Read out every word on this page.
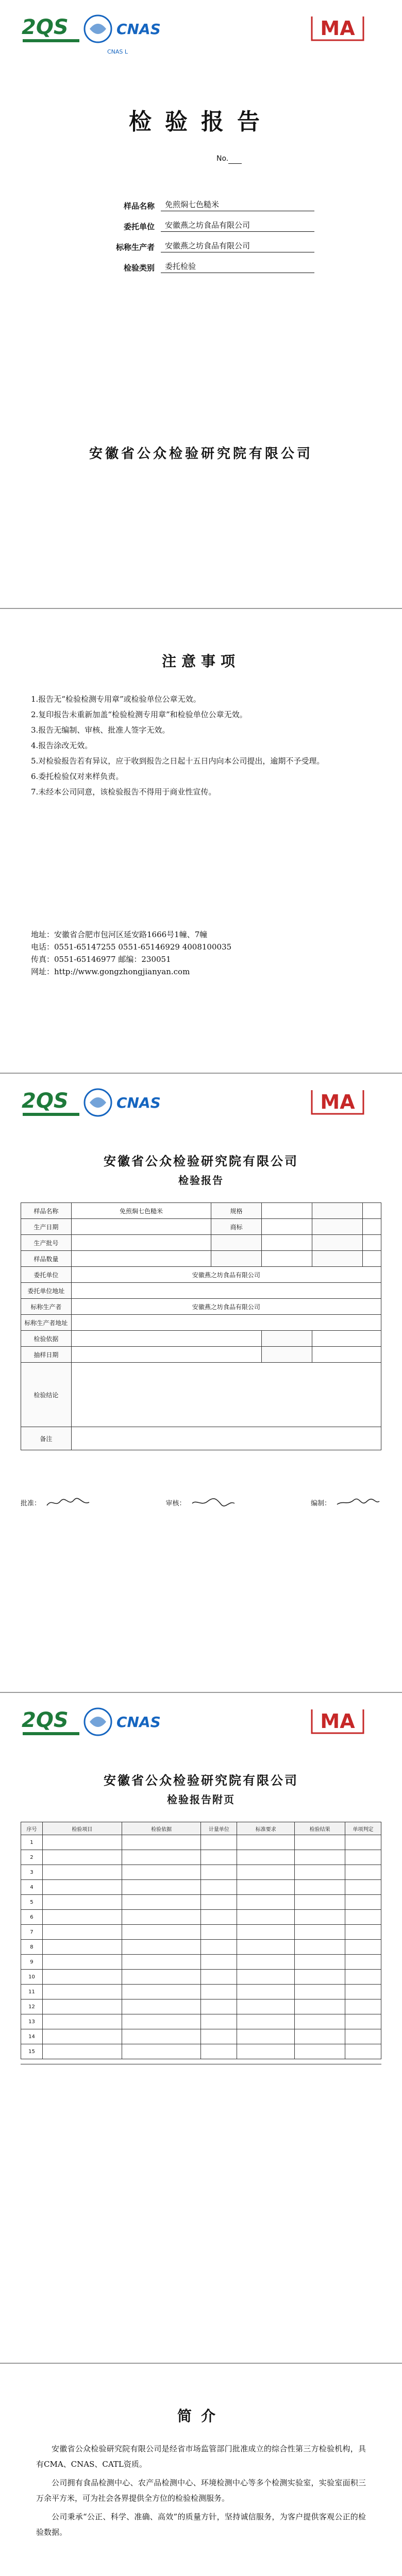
2QS	CNAS
CNAS L
MA
检验报告
No.
样品名称	免煎焖七色糙米
委托单位	安徽燕之坊食品有限公司
标称生产者	安徽燕之坊食品有限公司
检验类别	委托检验
安徽省公众检验研究院有限公司
注意事项
1.报告无“检验检测专用章”或检验单位公章无效。
2.复印报告未重新加盖“检验检测专用章”和检验单位公章无效。
3.报告无编制、审核、批准人签字无效。
4.报告涂改无效。
5.对检验报告若有异议，应于收到报告之日起十五日内向本公司提出，逾期不予受理。
6.委托检验仅对来样负责。
7.未经本公司同意，该检验报告不得用于商业性宣传。
地址：安徽省合肥市包河区延安路1666号1幢、7幢
电话：0551-65147255 0551-65146929 4008100035
传真：0551-65146977 邮编：230051
网址：http://www.gongzhongjianyan.com
2QS	CNAS	MA
安徽省公众检验研究院有限公司
检验报告
样品名称	免煎焖七色糙米	规格			
生产日期		商标			
生产批号					
样品数量					
委托单位	安徽燕之坊食品有限公司				
委托单位地址					
标称生产者	安徽燕之坊食品有限公司				
标称生产者地址					
检验依据					
抽样日期					
检验结论					
备注					
批准：	审核：	编制：
2QS	CNAS	MA
安徽省公众检验研究院有限公司
检验报告附页
序号	检验项目	检验依据	计量单位	标准要求	检验结果	单项判定
1						
2						
3						
4						
5						
6						
7						
8						
9						
10						
11						
12						
13						
14						
15						
简介

安徽省公众检验研究院有限公司是经省市场监管部门批准成立的综合性第三方检验机构，具有CMA、CNAS、CATL资质。

公司拥有食品检测中心、农产品检测中心、环境检测中心等多个检测实验室，实验室面积三万余平方米，可为社会各界提供全方位的检验检测服务。

公司秉承“公正、科学、准确、高效”的质量方针，坚持诚信服务，为客户提供客观公正的检验数据。
